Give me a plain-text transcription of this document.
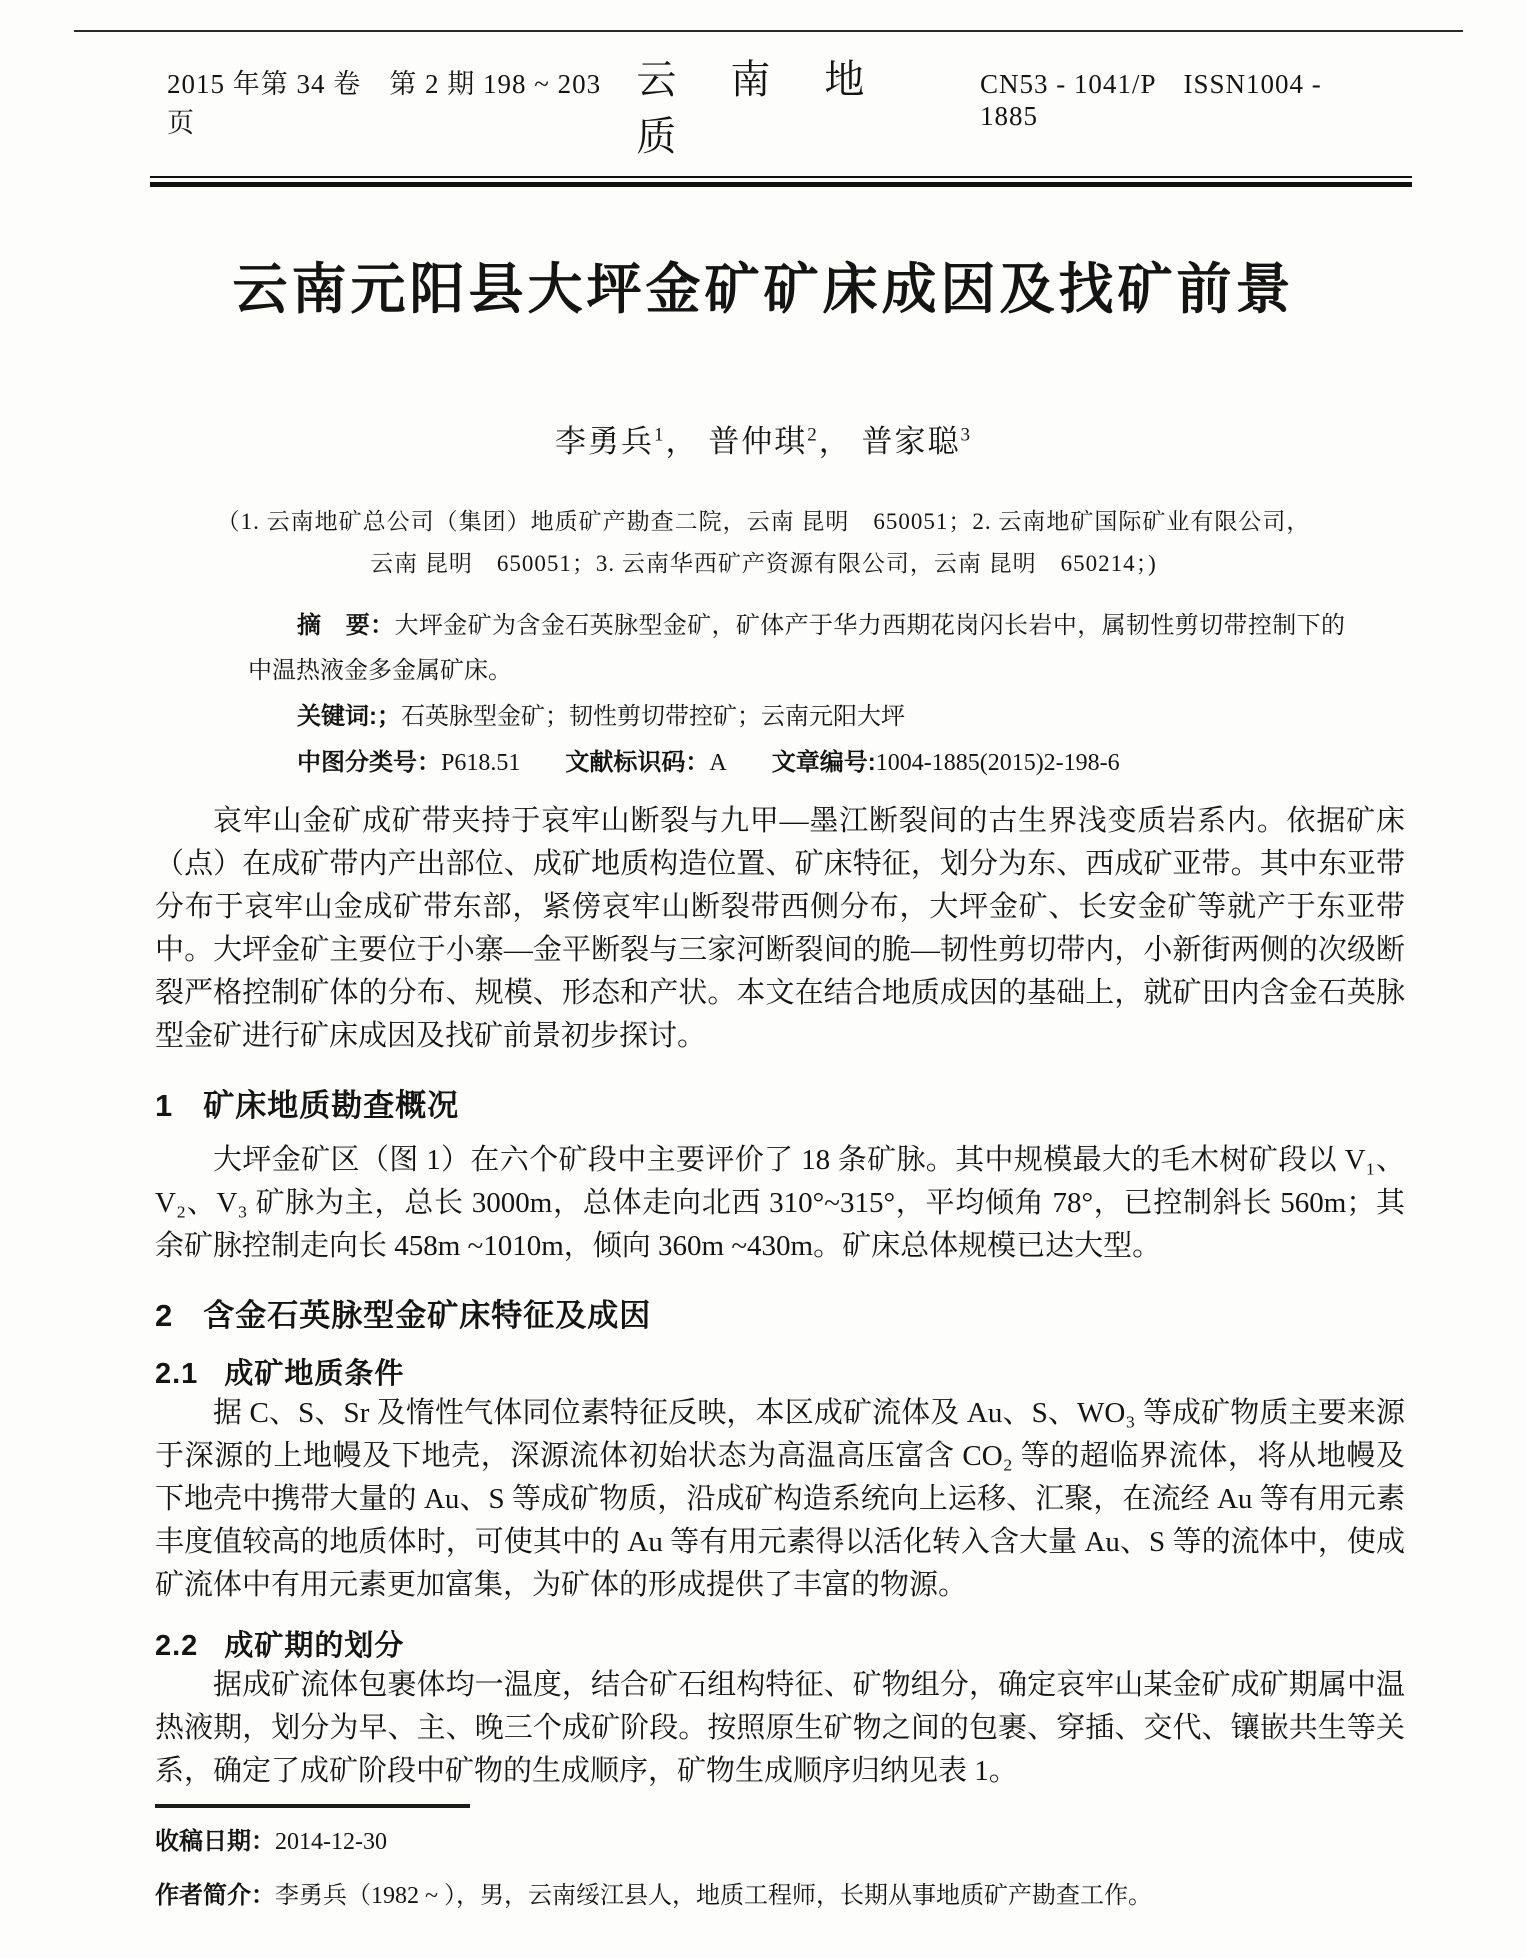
2015 年第 34 卷　第 2 期 198 ~ 203 页
云 南 地 质
CN53 - 1041/P　ISSN1004 - 1885
云南元阳县大坪金矿矿床成因及找矿前景
李勇兵$^1$， 普仲琪$^2$， 普家聪$^3$
（1. 云南地矿总公司（集团）地质矿产勘查二院，云南 昆明　650051；2. 云南地矿国际矿业有限公司，
云南 昆明　650051；3. 云南华西矿产资源有限公司，云南 昆明　650214；)

摘　要：大坪金矿为含金石英脉型金矿，矿体产于华力西期花岗闪长岩中，属韧性剪切带控制下的中温热液金多金属矿床。

关键词:；石英脉型金矿；韧性剪切带控矿；云南元阳大坪

中图分类号：P618.51 文献标识码：A 文章编号:1004-1885(2015)2-198-6

哀牢山金矿成矿带夹持于哀牢山断裂与九甲—墨江断裂间的古生界浅变质岩系内。依据矿床（点）在成矿带内产出部位、成矿地质构造位置、矿床特征，划分为东、西成矿亚带。其中东亚带分布于哀牢山金成矿带东部，紧傍哀牢山断裂带西侧分布，大坪金矿、长安金矿等就产于东亚带中。大坪金矿主要位于小寨—金平断裂与三家河断裂间的脆—韧性剪切带内，小新街两侧的次级断裂严格控制矿体的分布、规模、形态和产状。本文在结合地质成因的基础上，就矿田内含金石英脉型金矿进行矿床成因及找矿前景初步探讨。

1 矿床地质勘查概况

大坪金矿区（图 1）在六个矿段中主要评价了 18 条矿脉。其中规模最大的毛木树矿段以 V₁、V₂、V₃ 矿脉为主，总长 3000m，总体走向北西 310°~315°，平均倾角 78°，已控制斜长 560m；其余矿脉控制走向长 458m ~1010m，倾向 360m ~430m。矿床总体规模已达大型。

2 含金石英脉型金矿床特征及成因
2.1 成矿地质条件

据 C、S、Sr 及惰性气体同位素特征反映，本区成矿流体及 Au、S、WO₃ 等成矿物质主要来源于深源的上地幔及下地壳，深源流体初始状态为高温高压富含 CO₂ 等的超临界流体，将从地幔及下地壳中携带大量的 Au、S 等成矿物质，沿成矿构造系统向上运移、汇聚，在流经 Au 等有用元素丰度值较高的地质体时，可使其中的 Au 等有用元素得以活化转入含大量 Au、S 等的流体中，使成矿流体中有用元素更加富集，为矿体的形成提供了丰富的物源。

2.2 成矿期的划分

据成矿流体包裹体均一温度，结合矿石组构特征、矿物组分，确定哀牢山某金矿成矿期属中温热液期，划分为早、主、晚三个成矿阶段。按照原生矿物之间的包裹、穿插、交代、镶嵌共生等关系，确定了成矿阶段中矿物的生成顺序，矿物生成顺序归纳见表 1。

收稿日期：2014-12-30

作者简介：李勇兵（1982 ~ ），男，云南绥江县人，地质工程师，长期从事地质矿产勘查工作。
